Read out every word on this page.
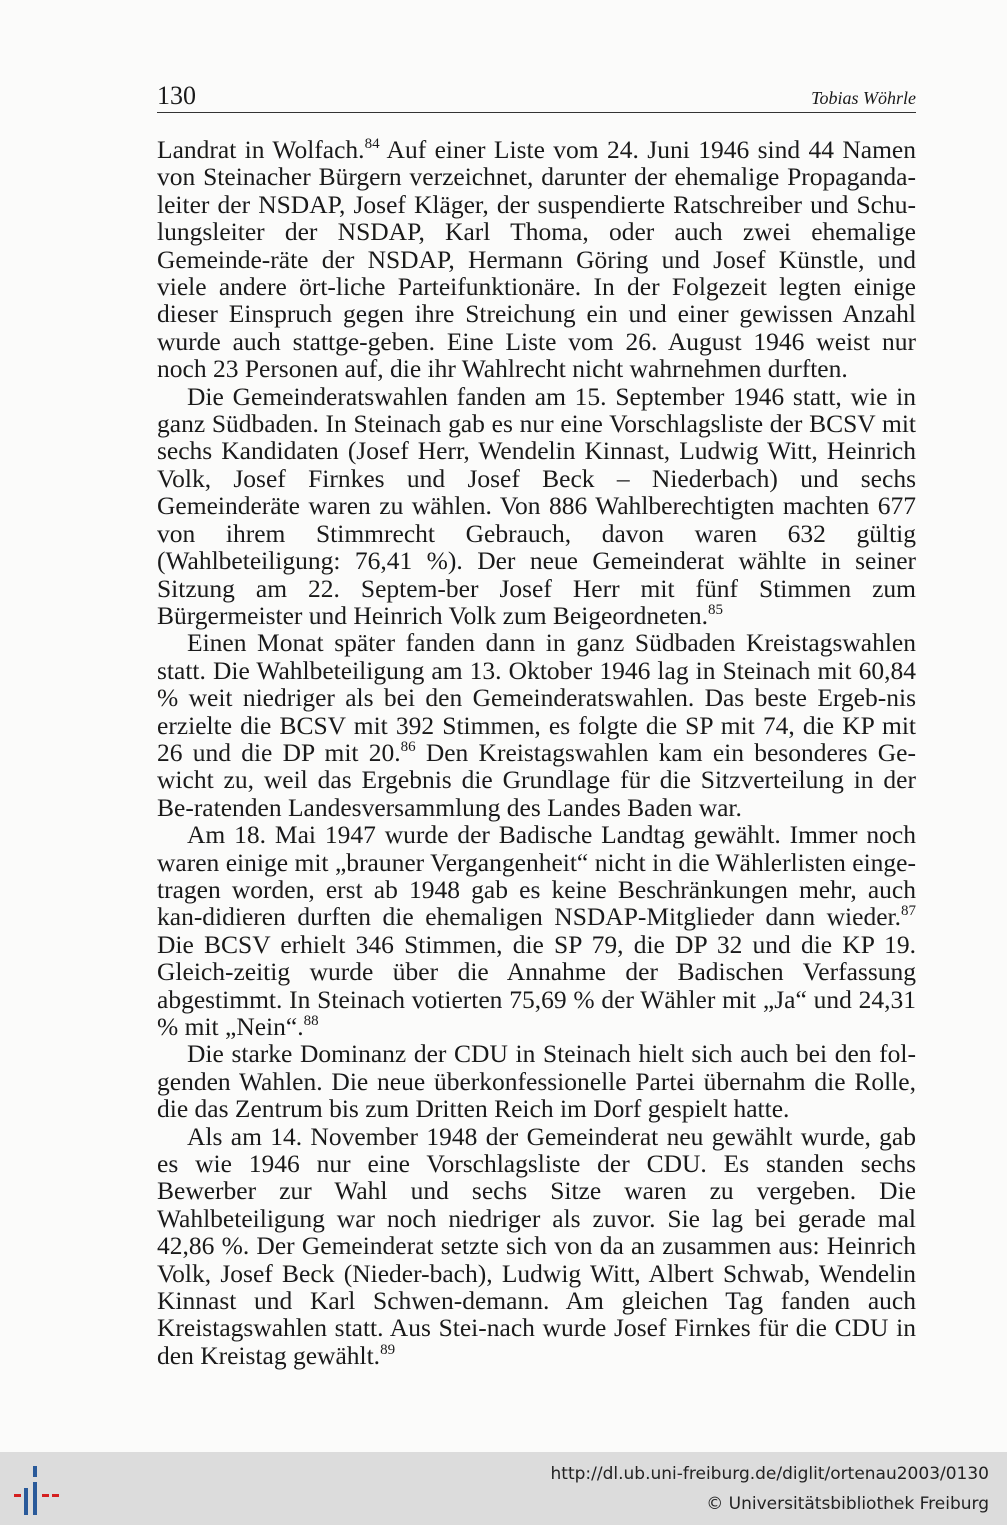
130	Tobias Wöhrle

Landrat in Wolfach.$^{84}$ Auf einer Liste vom 24. Juni 1946 sind 44 Namen von Steinacher Bürgern verzeichnet, darunter der ehemalige Propaganda-leiter der NSDAP, Josef Kläger, der suspendierte Ratschreiber und Schu-lungsleiter der NSDAP, Karl Thoma, oder auch zwei ehemalige Gemeinde-räte der NSDAP, Hermann Göring und Josef Künstle, und viele andere ört-liche Parteifunktionäre. In der Folgezeit legten einige dieser Einspruch gegen ihre Streichung ein und einer gewissen Anzahl wurde auch stattge-geben. Eine Liste vom 26. August 1946 weist nur noch 23 Personen auf, die ihr Wahlrecht nicht wahrnehmen durften.

Die Gemeinderatswahlen fanden am 15. September 1946 statt, wie in ganz Südbaden. In Steinach gab es nur eine Vorschlagsliste der BCSV mit sechs Kandidaten (Josef Herr, Wendelin Kinnast, Ludwig Witt, Heinrich Volk, Josef Firnkes und Josef Beck – Niederbach) und sechs Gemeinderäte waren zu wählen. Von 886 Wahlberechtigten machten 677 von ihrem Stimmrecht Gebrauch, davon waren 632 gültig (Wahlbeteiligung: 76,41 %). Der neue Gemeinderat wählte in seiner Sitzung am 22. Septem-ber Josef Herr mit fünf Stimmen zum Bürgermeister und Heinrich Volk zum Beigeordneten.$^{85}$

Einen Monat später fanden dann in ganz Südbaden Kreistagswahlen statt. Die Wahlbeteiligung am 13. Oktober 1946 lag in Steinach mit 60,84 % weit niedriger als bei den Gemeinderatswahlen. Das beste Ergeb-nis erzielte die BCSV mit 392 Stimmen, es folgte die SP mit 74, die KP mit 26 und die DP mit 20.86 Den Kreistagswahlen kam ein besonderes Ge-wicht zu, weil das Ergebnis die Grundlage für die Sitzverteilung in der Be-ratenden Landesversammlung des Landes Baden war.

Am 18. Mai 1947 wurde der Badische Landtag gewählt. Immer noch waren einige mit „brauner Vergangenheit“ nicht in die Wählerlisten einge-tragen worden, erst ab 1948 gab es keine Beschränkungen mehr, auch kan-didieren durften die ehemaligen NSDAP-Mitglieder dann wieder.$^{87}$ Die BCSV erhielt 346 Stimmen, die SP 79, die DP 32 und die KP 19. Gleich-zeitig wurde über die Annahme der Badischen Verfassung abgestimmt. In Steinach votierten 75,69 % der Wähler mit „Ja“ und 24,31 % mit „Nein“.$^{88}$

Die starke Dominanz der CDU in Steinach hielt sich auch bei den fol-genden Wahlen. Die neue überkonfessionelle Partei übernahm die Rolle, die das Zentrum bis zum Dritten Reich im Dorf gespielt hatte.

Als am 14. November 1948 der Gemeinderat neu gewählt wurde, gab es wie 1946 nur eine Vorschlagsliste der CDU. Es standen sechs Bewerber zur Wahl und sechs Sitze waren zu vergeben. Die Wahlbeteiligung war noch niedriger als zuvor. Sie lag bei gerade mal 42,86 %. Der Gemeinderat setzte sich von da an zusammen aus: Heinrich Volk, Josef Beck (Nieder-bach), Ludwig Witt, Albert Schwab, Wendelin Kinnast und Karl Schwen-demann. Am gleichen Tag fanden auch Kreistagswahlen statt. Aus Stei-nach wurde Josef Firnkes für die CDU in den Kreistag gewählt.$^{89}$

http://dl.ub.uni-freiburg.de/diglit/ortenau2003/0130
© Universitätsbibliothek Freiburg
